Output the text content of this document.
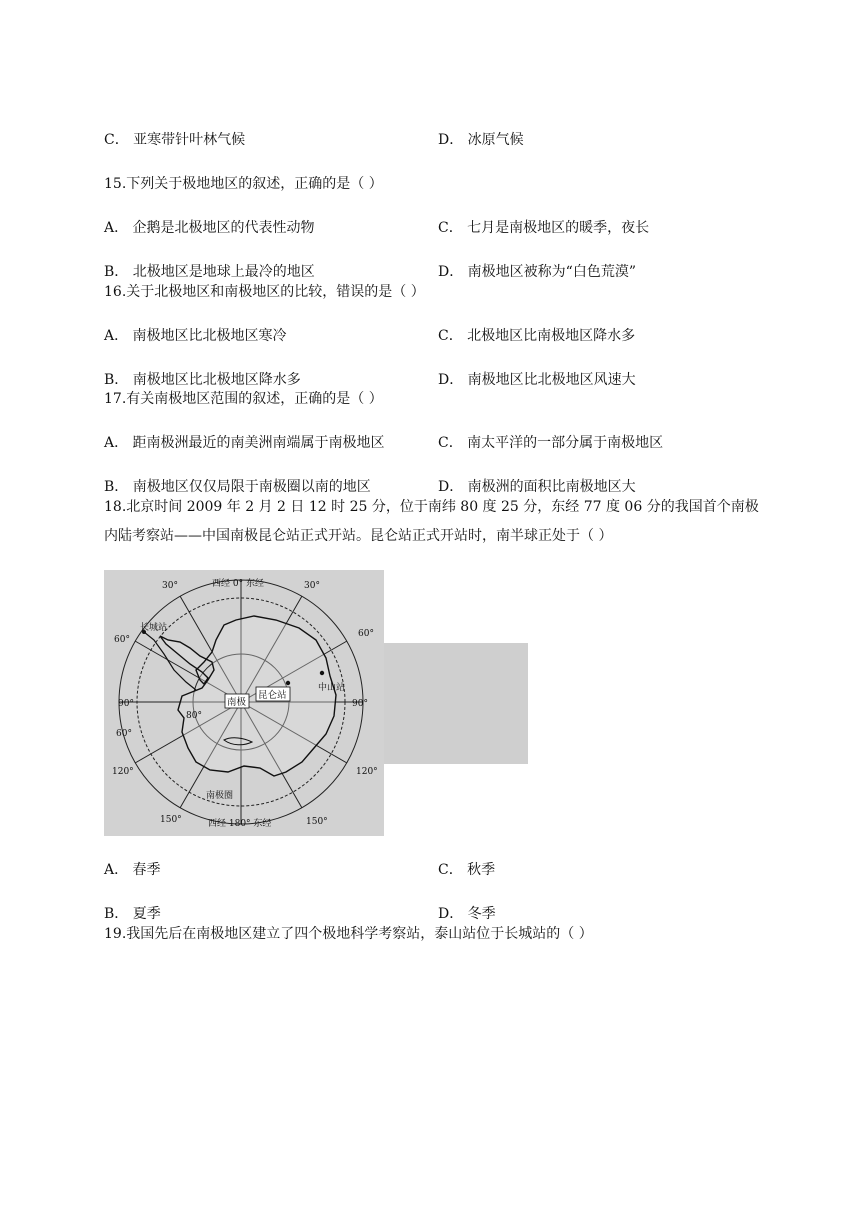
C． 亚寒带针叶林气候	D． 冰原气候
15.下列关于极地地区的叙述，正确的是（ ）
A． 企鹅是北极地区的代表性动物	C． 七月是南极地区的暖季，夜长
B． 北极地区是地球上最冷的地区	D． 南极地区被称为“白色荒漠”
16.关于北极地区和南极地区的比较，错误的是（ ）
A． 南极地区比北极地区寒冷	C． 北极地区比南极地区降水多
B． 南极地区比北极地区降水多	D． 南极地区比北极地区风速大
17.有关南极地区范围的叙述，正确的是（ ）
A． 距南极洲最近的南美洲南端属于南极地区	C． 南太平洋的一部分属于南极地区
B． 南极地区仅仅局限于南极圈以南的地区	D． 南极洲的面积比南极地区大
18.北京时间 2009 年 2 月 2 日 12 时 25 分，位于南纬 80 度 25 分，东经 77 度 06 分的我国首个南极
内陆考察站——中国南极昆仑站正式开站。昆仑站正式开站时，南半球正处于（ ）
西经 0° 东经
30°	30°
60°
60°
90°	90°
60°
120°	120°
150°	150°
西经 180° 东经
80°
长城站
中山站
南极圈
南极
昆仑站
A． 春季	C． 秋季
B． 夏季	D． 冬季
19.我国先后在南极地区建立了四个极地科学考察站，泰山站位于长城站的（ ）
